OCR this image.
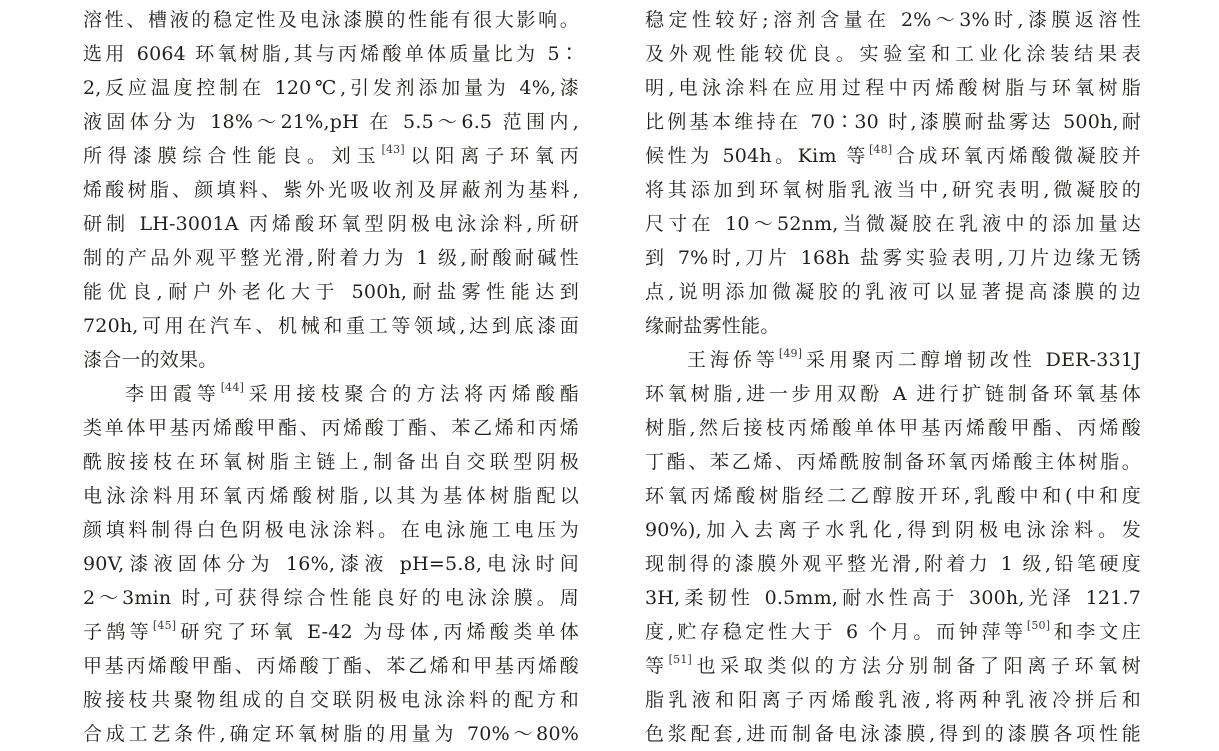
溶性、槽液的稳定性及电泳漆膜的性能有很大影响。
选用 6064 环氧树脂,其与丙烯酸单体质量比为 5∶
2,反应温度控制在 120℃,引发剂添加量为 4%,漆
液固体分为 18%～21%,pH 在 5.5～6.5 范围内,
所得漆膜综合性能良。刘玉[43]以阳离子环氧丙
烯酸树脂、颜填料、紫外光吸收剂及屏蔽剂为基料,
研制 LH-3001A 丙烯酸环氧型阴极电泳涂料,所研
制的产品外观平整光滑,附着力为 1 级,耐酸耐碱性
能优良,耐户外老化大于 500h,耐盐雾性能达到
720h,可用在汽车、机械和重工等领域,达到底漆面
漆合一的效果。
李田霞等[44]采用接枝聚合的方法将丙烯酸酯
类单体甲基丙烯酸甲酯、丙烯酸丁酯、苯乙烯和丙烯
酰胺接枝在环氧树脂主链上,制备出自交联型阴极
电泳涂料用环氧丙烯酸树脂,以其为基体树脂配以
颜填料制得白色阴极电泳涂料。在电泳施工电压为
90V,漆液固体分为 16%,漆液 pH=5.8,电泳时间
2～3min 时,可获得综合性能良好的电泳涂膜。周
子鹄等[45]研究了环氧 E-42 为母体,丙烯酸类单体
甲基丙烯酸甲酯、丙烯酸丁酯、苯乙烯和甲基丙烯酸
胺接枝共聚物组成的自交联阴极电泳涂料的配方和
合成工艺条件,确定环氧树脂的用量为 70%～80%
稳定性较好;溶剂含量在 2%～3%时,漆膜返溶性
及外观性能较优良。实验室和工业化涂装结果表
明,电泳涂料在应用过程中丙烯酸树脂与环氧树脂
比例基本维持在 70∶30 时,漆膜耐盐雾达 500h,耐
候性为 504h。Kim 等[48]合成环氧丙烯酸微凝胶并
将其添加到环氧树脂乳液当中,研究表明,微凝胶的
尺寸在 10～52nm,当微凝胶在乳液中的添加量达
到 7%时,刀片 168h 盐雾实验表明,刀片边缘无锈
点,说明添加微凝胶的乳液可以显著提高漆膜的边
缘耐盐雾性能。
王海侨等[49]采用聚丙二醇增韧改性 DER-331J
环氧树脂,进一步用双酚 A 进行扩链制备环氧基体
树脂,然后接枝丙烯酸单体甲基丙烯酸甲酯、丙烯酸
丁酯、苯乙烯、丙烯酰胺制备环氧丙烯酸主体树脂。
环氧丙烯酸树脂经二乙醇胺开环,乳酸中和(中和度
90%),加入去离子水乳化,得到阴极电泳涂料。发
现制得的漆膜外观平整光滑,附着力 1 级,铅笔硬度
3H,柔韧性 0.5mm,耐水性高于 300h,光泽 121.7
度,贮存稳定性大于 6 个月。而钟萍等[50]和李文庄
等[51]也采取类似的方法分别制备了阳离子环氧树
脂乳液和阳离子丙烯酸乳液,将两种乳液冷拼后和
色浆配套,进而制备电泳漆膜,得到的漆膜各项性能
